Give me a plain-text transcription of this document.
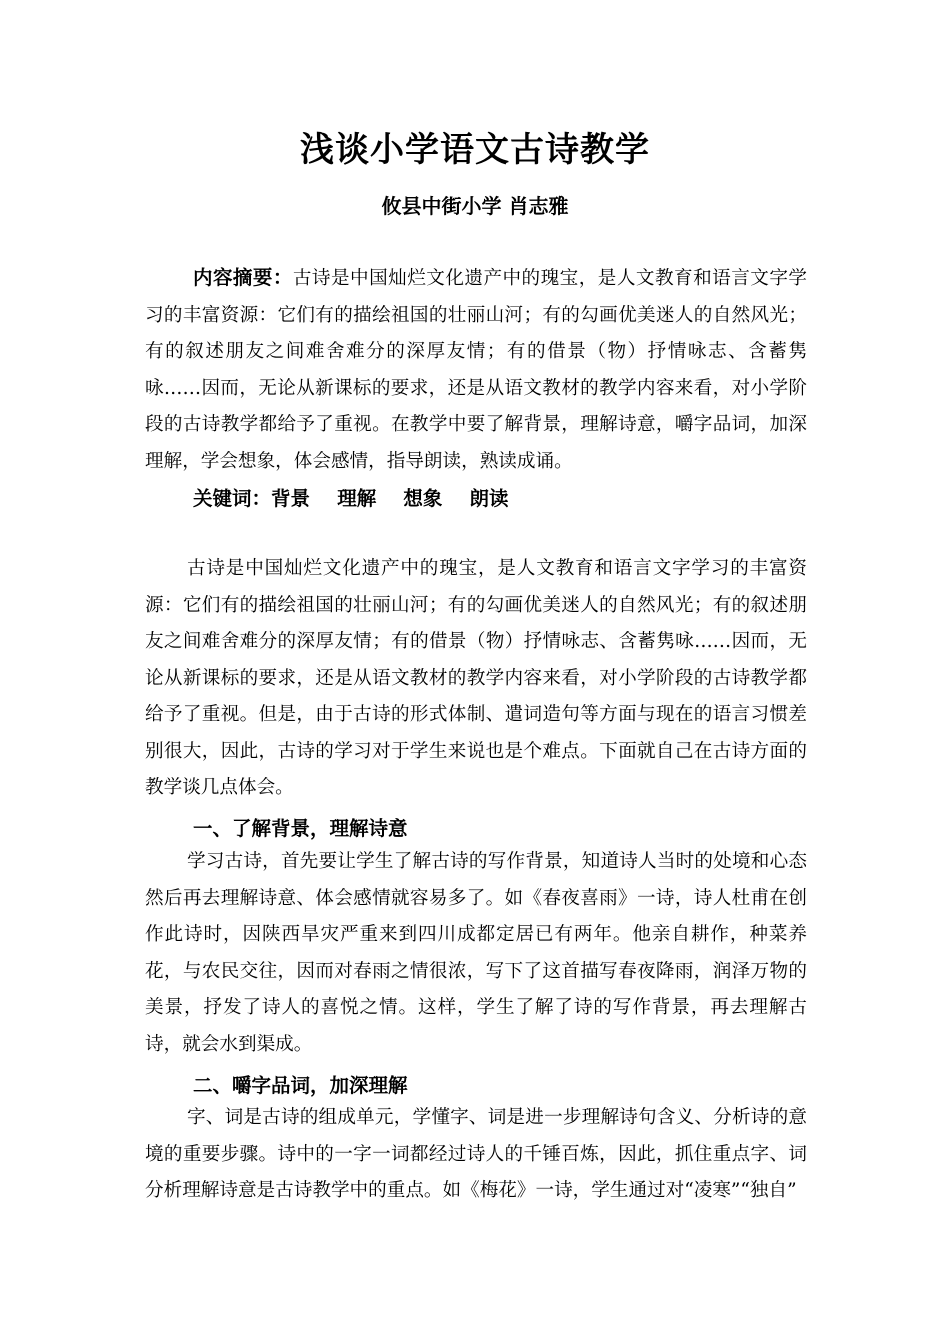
浅谈小学语文古诗教学

攸县中街小学 肖志雅

内容摘要：古诗是中国灿烂文化遗产中的瑰宝，是人文教育和语言文字学习的丰富资源：它们有的描绘祖国的壮丽山河；有的勾画优美迷人的自然风光；有的叙述朋友之间难舍难分的深厚友情；有的借景（物）抒情咏志、含蓄隽咏……因而，无论从新课标的要求，还是从语文教材的教学内容来看，对小学阶段的古诗教学都给予了重视。在教学中要了解背景，理解诗意，嚼字品词，加深理解，学会想象，体会感情，指导朗读，熟读成诵。

关键词：背景 理解 想象 朗读

古诗是中国灿烂文化遗产中的瑰宝，是人文教育和语言文字学习的丰富资源：它们有的描绘祖国的壮丽山河；有的勾画优美迷人的自然风光；有的叙述朋友之间难舍难分的深厚友情；有的借景（物）抒情咏志、含蓄隽咏……因而，无论从新课标的要求，还是从语文教材的教学内容来看，对小学阶段的古诗教学都给予了重视。但是，由于古诗的形式体制、遣词造句等方面与现在的语言习惯差别很大，因此，古诗的学习对于学生来说也是个难点。下面就自己在古诗方面的教学谈几点体会。

一、了解背景，理解诗意

学习古诗，首先要让学生了解古诗的写作背景，知道诗人当时的处境和心态然后再去理解诗意、体会感情就容易多了。如《春夜喜雨》一诗，诗人杜甫在创作此诗时，因陕西旱灾严重来到四川成都定居已有两年。他亲自耕作，种菜养花，与农民交往，因而对春雨之情很浓，写下了这首描写春夜降雨，润泽万物的美景，抒发了诗人的喜悦之情。这样，学生了解了诗的写作背景，再去理解古诗，就会水到渠成。

二、嚼字品词，加深理解

字、词是古诗的组成单元，学懂字、词是进一步理解诗句含义、分析诗的意境的重要步骤。诗中的一字一词都经过诗人的千锤百炼，因此，抓住重点字、词分析理解诗意是古诗教学中的重点。如《梅花》一诗，学生通过对“凌寒”“独自”
